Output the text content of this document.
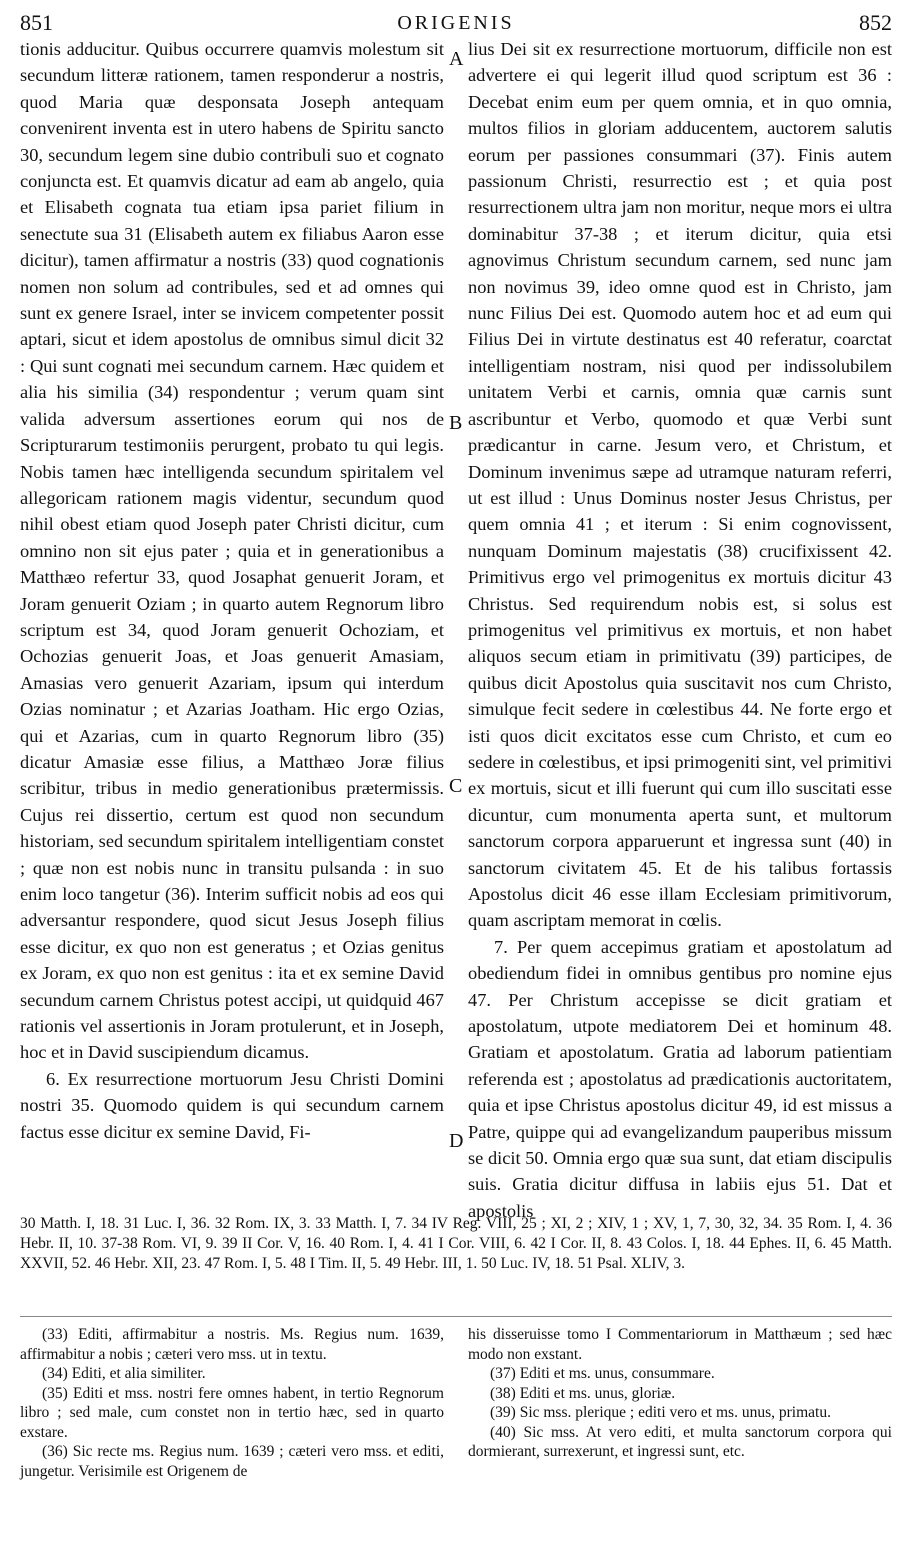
851	ORIGENIS	852

tionis adducitur. Quibus occurrere quamvis molestum sit secundum litteræ rationem, tamen responderur a nostris, quod Maria quæ desponsata Joseph antequam convenirent inventa est in utero habens de Spiritu sancto 30, secundum legem sine dubio contribuli suo et cognato conjuncta est. Et quamvis dicatur ad eam ab angelo, quia et Elisabeth cognata tua etiam ipsa pariet filium in senectute sua 31 (Elisabeth autem ex filiabus Aaron esse dicitur), tamen affirmatur a nostris (33) quod cognationis nomen non solum ad contribules, sed et ad omnes qui sunt ex genere Israel, inter se invicem competenter possit aptari, sicut et idem apostolus de omnibus simul dicit 32 : Qui sunt cognati mei secundum carnem. Hæc quidem et alia his similia (34) respondentur ; verum quam sint valida adversum assertiones eorum qui nos de Scripturarum testimoniis perurgent, probato tu qui legis. Nobis tamen hæc intelligenda secundum spiritalem vel allegoricam rationem magis videntur, secundum quod nihil obest etiam quod Joseph pater Christi dicitur, cum omnino non sit ejus pater ; quia et in generationibus a Matthæo refertur 33, quod Josaphat genuerit Joram, et Joram genuerit Oziam ; in quarto autem Regnorum libro scriptum est 34, quod Joram genuerit Ochoziam, et Ochozias genuerit Joas, et Joas genuerit Amasiam, Amasias vero genuerit Azariam, ipsum qui interdum Ozias nominatur ; et Azarias Joatham. Hic ergo Ozias, qui et Azarias, cum in quarto Regnorum libro (35) dicatur Amasiæ esse filius, a Matthæo Joræ filius scribitur, tribus in medio generationibus prætermissis. Cujus rei dissertio, certum est quod non secundum historiam, sed secundum spiritalem intelligentiam constet ; quæ non est nobis nunc in transitu pulsanda : in suo enim loco tangetur (36). Interim sufficit nobis ad eos qui adversantur respondere, quod sicut Jesus Joseph filius esse dicitur, ex quo non est generatus ; et Ozias genitus ex Joram, ex quo non est genitus : ita et ex semine David secundum carnem Christus potest accipi, ut quidquid 467 rationis vel assertionis in Joram protulerunt, et in Joseph, hoc et in David suscipiendum dicamus.

6. Ex resurrectione mortuorum Jesu Christi Domini nostri 35. Quomodo quidem is qui secundum carnem factus esse dicitur ex semine David, Fi-

A
B
C
D

lius Dei sit ex resurrectione mortuorum, difficile non est advertere ei qui legerit illud quod scriptum est 36 : Decebat enim eum per quem omnia, et in quo omnia, multos filios in gloriam adducentem, auctorem salutis eorum per passiones consummari (37). Finis autem passionum Christi, resurrectio est ; et quia post resurrectionem ultra jam non moritur, neque mors ei ultra dominabitur 37-38 ; et iterum dicitur, quia etsi agnovimus Christum secundum carnem, sed nunc jam non novimus 39, ideo omne quod est in Christo, jam nunc Filius Dei est. Quomodo autem hoc et ad eum qui Filius Dei in virtute destinatus est 40 referatur, coarctat intelligentiam nostram, nisi quod per indissolubilem unitatem Verbi et carnis, omnia quæ carnis sunt ascribuntur et Verbo, quomodo et quæ Verbi sunt prædicantur in carne. Jesum vero, et Christum, et Dominum invenimus sæpe ad utramque naturam referri, ut est illud : Unus Dominus noster Jesus Christus, per quem omnia 41 ; et iterum : Si enim cognovissent, nunquam Dominum majestatis (38) crucifixissent 42. Primitivus ergo vel primogenitus ex mortuis dicitur 43 Christus. Sed requirendum nobis est, si solus est primogenitus vel primitivus ex mortuis, et non habet aliquos secum etiam in primitivatu (39) participes, de quibus dicit Apostolus quia suscitavit nos cum Christo, simulque fecit sedere in cœlestibus 44. Ne forte ergo et isti quos dicit excitatos esse cum Christo, et cum eo sedere in cœlestibus, et ipsi primogeniti sint, vel primitivi ex mortuis, sicut et illi fuerunt qui cum illo suscitati esse dicuntur, cum monumenta aperta sunt, et multorum sanctorum corpora apparuerunt et ingressa sunt (40) in sanctorum civitatem 45. Et de his talibus fortassis Apostolus dicit 46 esse illam Ecclesiam primitivorum, quam ascriptam memorat in cœlis.

7. Per quem accepimus gratiam et apostolatum ad obediendum fidei in omnibus gentibus pro nomine ejus 47. Per Christum accepisse se dicit gratiam et apostolatum, utpote mediatorem Dei et hominum 48. Gratiam et apostolatum. Gratia ad laborum patientiam referenda est ; apostolatus ad prædicationis auctoritatem, quia et ipse Christus apostolus dicitur 49, id est missus a Patre, quippe qui ad evangelizandum pauperibus missum se dicit 50. Omnia ergo quæ sua sunt, dat etiam discipulis suis. Gratia dicitur diffusa in labiis ejus 51. Dat et apostolis

30 Matth. I, 18. 31 Luc. I, 36. 32 Rom. IX, 3. 33 Matth. I, 7. 34 IV Reg. VIII, 25 ; XI, 2 ; XIV, 1 ; XV, 1, 7, 30, 32, 34. 35 Rom. I, 4. 36 Hebr. II, 10. 37-38 Rom. VI, 9. 39 II Cor. V, 16. 40 Rom. I, 4. 41 I Cor. VIII, 6. 42 I Cor. II, 8. 43 Colos. I, 18. 44 Ephes. II, 6. 45 Matth. XXVII, 52. 46 Hebr. XII, 23. 47 Rom. I, 5. 48 I Tim. II, 5. 49 Hebr. III, 1. 50 Luc. IV, 18. 51 Psal. XLIV, 3.

(33) Editi, affirmabitur a nostris. Ms. Regius num. 1639, affirmabitur a nobis ; cæteri vero mss. ut in textu.

(34) Editi, et alia similiter.

(35) Editi et mss. nostri fere omnes habent, in tertio Regnorum libro ; sed male, cum constet non in tertio hæc, sed in quarto exstare.

(36) Sic recte ms. Regius num. 1639 ; cæteri vero mss. et editi, jungetur. Verisimile est Origenem de

his disseruisse tomo I Commentariorum in Matthæum ; sed hæc modo non exstant.

(37) Editi et ms. unus, consummare.

(38) Editi et ms. unus, gloriæ.

(39) Sic mss. plerique ; editi vero et ms. unus, primatu.

(40) Sic mss. At vero editi, et multa sanctorum corpora qui dormierant, surrexerunt, et ingressi sunt, etc.
